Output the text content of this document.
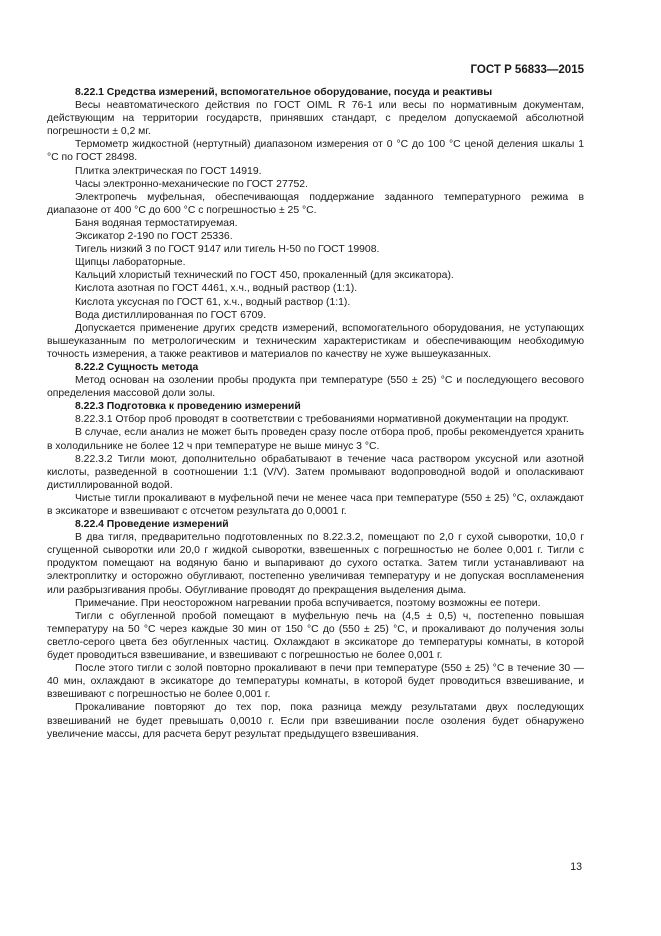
ГОСТ Р 56833—2015

8.22.1 Средства измерений, вспомогательное оборудование, посуда и реактивы

Весы неавтоматического действия по ГОСТ OIML R 76-1 или весы по нормативным документам, действующим на территории государств, принявших стандарт, с пределом допускаемой абсолютной погрешности ± 0,2 мг.

Термометр жидкостной (нертутный) диапазоном измерения от 0 °С до 100 °С ценой деления шкалы 1 °С по ГОСТ 28498.

Плитка электрическая по ГОСТ 14919.

Часы электронно-механические по ГОСТ 27752.

Электропечь муфельная, обеспечивающая поддержание заданного температурного режима в диапазоне от 400 °С до 600 °С с погрешностью ± 25 °С.

Баня водяная термостатируемая.

Эксикатор 2-190 по ГОСТ 25336.

Тигель низкий 3 по ГОСТ 9147 или тигель Н-50 по ГОСТ 19908.

Щипцы лабораторные.

Кальций хлористый технический по ГОСТ 450, прокаленный (для эксикатора).

Кислота азотная по ГОСТ 4461, х.ч., водный раствор (1:1).

Кислота уксусная по ГОСТ 61, х.ч., водный раствор (1:1).

Вода дистиллированная по ГОСТ 6709.

Допускается применение других средств измерений, вспомогательного оборудования, не уступающих вышеуказанным по метрологическим и техническим характеристикам и обеспечивающим необходимую точность измерения, а также реактивов и материалов по качеству не хуже вышеуказанных.

8.22.2 Сущность метода

Метод основан на озолении пробы продукта при температуре (550 ± 25) °С и последующего весового определения массовой доли золы.

8.22.3 Подготовка к проведению измерений

8.22.3.1 Отбор проб проводят в соответствии с требованиями нормативной документации на продукт.

В случае, если анализ не может быть проведен сразу после отбора проб, пробы рекомендуется хранить в холодильнике не более 12 ч при температуре не выше минус 3 °С.

8.22.3.2 Тигли моют, дополнительно обрабатывают в течение часа раствором уксусной или азотной кислоты, разведенной в соотношении 1:1 (V/V). Затем промывают водопроводной водой и ополаскивают дистиллированной водой.

Чистые тигли прокаливают в муфельной печи не менее часа при температуре (550 ± 25) °С, охлаждают в эксикаторе и взвешивают с отсчетом результата до 0,0001 г.

8.22.4 Проведение измерений

В два тигля, предварительно подготовленных по 8.22.3.2, помещают по 2,0 г сухой сыворотки, 10,0 г сгущенной сыворотки или 20,0 г жидкой сыворотки, взвешенных с погрешностью не более 0,001 г. Тигли с продуктом помещают на водяную баню и выпаривают до сухого остатка. Затем тигли устанавливают на электроплитку и осторожно обугливают, постепенно увеличивая температуру и не допуская воспламенения или разбрызгивания пробы. Обугливание проводят до прекращения выделения дыма.

Примечание. При неосторожном нагревании проба вспучивается, поэтому возможны ее потери.

Тигли с обугленной пробой помещают в муфельную печь на (4,5 ± 0,5) ч, постепенно повышая температуру на 50 °С через каждые 30 мин от 150 °С до (550 ± 25) °С, и прокаливают до получения золы светло-серого цвета без обугленных частиц. Охлаждают в эксикаторе до температуры комнаты, в которой будет проводиться взвешивание, и взвешивают с погрешностью не более 0,001 г.

После этого тигли с золой повторно прокаливают в печи при температуре (550 ± 25) °С в течение 30 — 40 мин, охлаждают в эксикаторе до температуры комнаты, в которой будет проводиться взвешивание, и взвешивают с погрешностью не более 0,001 г.

Прокаливание повторяют до тех пор, пока разница между результатами двух последующих взвешиваний не будет превышать 0,0010 г. Если при взвешивании после озоления будет обнаружено увеличение массы, для расчета берут результат предыдущего взвешивания.

13
